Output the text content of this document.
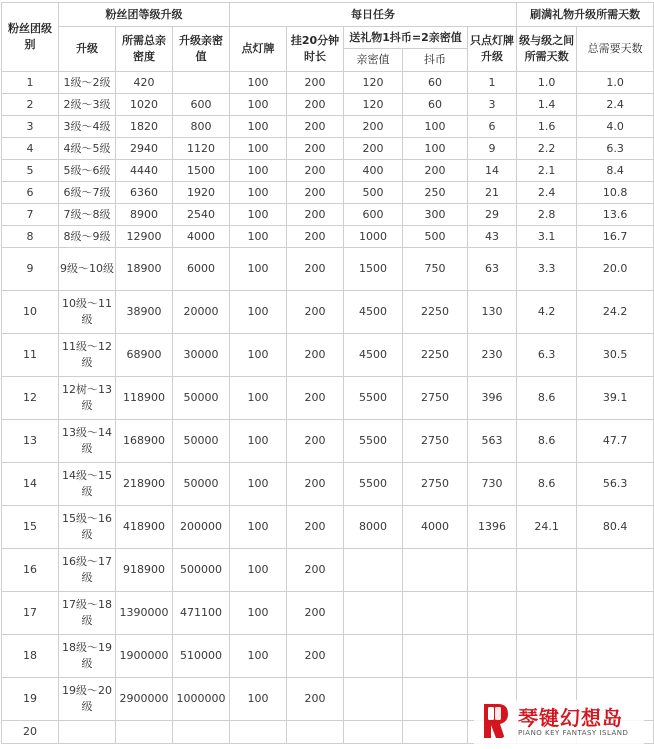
粉丝团级别	粉丝团等级升级			每日任务					刷满礼物升级所需天数	
	升级	所需总亲密度	升级亲密值	点灯牌	挂20分钟时长	送礼物1抖币=2亲密值		只点灯牌升级	级与级之间所需天数	总需要天数
						亲密值	抖币			
1	1级～2级	420		100	200	120	60	1	1.0	1.0
2	2级～3级	1020	600	100	200	120	60	3	1.4	2.4
3	3级～4级	1820	800	100	200	200	100	6	1.6	4.0
4	4级～5级	2940	1120	100	200	200	100	9	2.2	6.3
5	5级～6级	4440	1500	100	200	400	200	14	2.1	8.4
6	6级～7级	6360	1920	100	200	500	250	21	2.4	10.8
7	7级～8级	8900	2540	100	200	600	300	29	2.8	13.6
8	8级～9级	12900	4000	100	200	1000	500	43	3.1	16.7
9	9级～10级	18900	6000	100	200	1500	750	63	3.3	20.0
10	10级～11级	38900	20000	100	200	4500	2250	130	4.2	24.2
11	11级～12级	68900	30000	100	200	4500	2250	230	6.3	30.5
12	12树～13级	118900	50000	100	200	5500	2750	396	8.6	39.1
13	13级～14级	168900	50000	100	200	5500	2750	563	8.6	47.7
14	14级～15级	218900	50000	100	200	5500	2750	730	8.6	56.3
15	15级～16级	418900	200000	100	200	8000	4000	1396	24.1	80.4
16	16级～17级	918900	500000	100	200					
17	17级～18级	1390000	471100	100	200					
18	18级～19级	1900000	510000	100	200					
19	19级～20级	2900000	1000000	100	200					
20										
琴键幻想岛
PIANO KEY FANTASY ISLAND
